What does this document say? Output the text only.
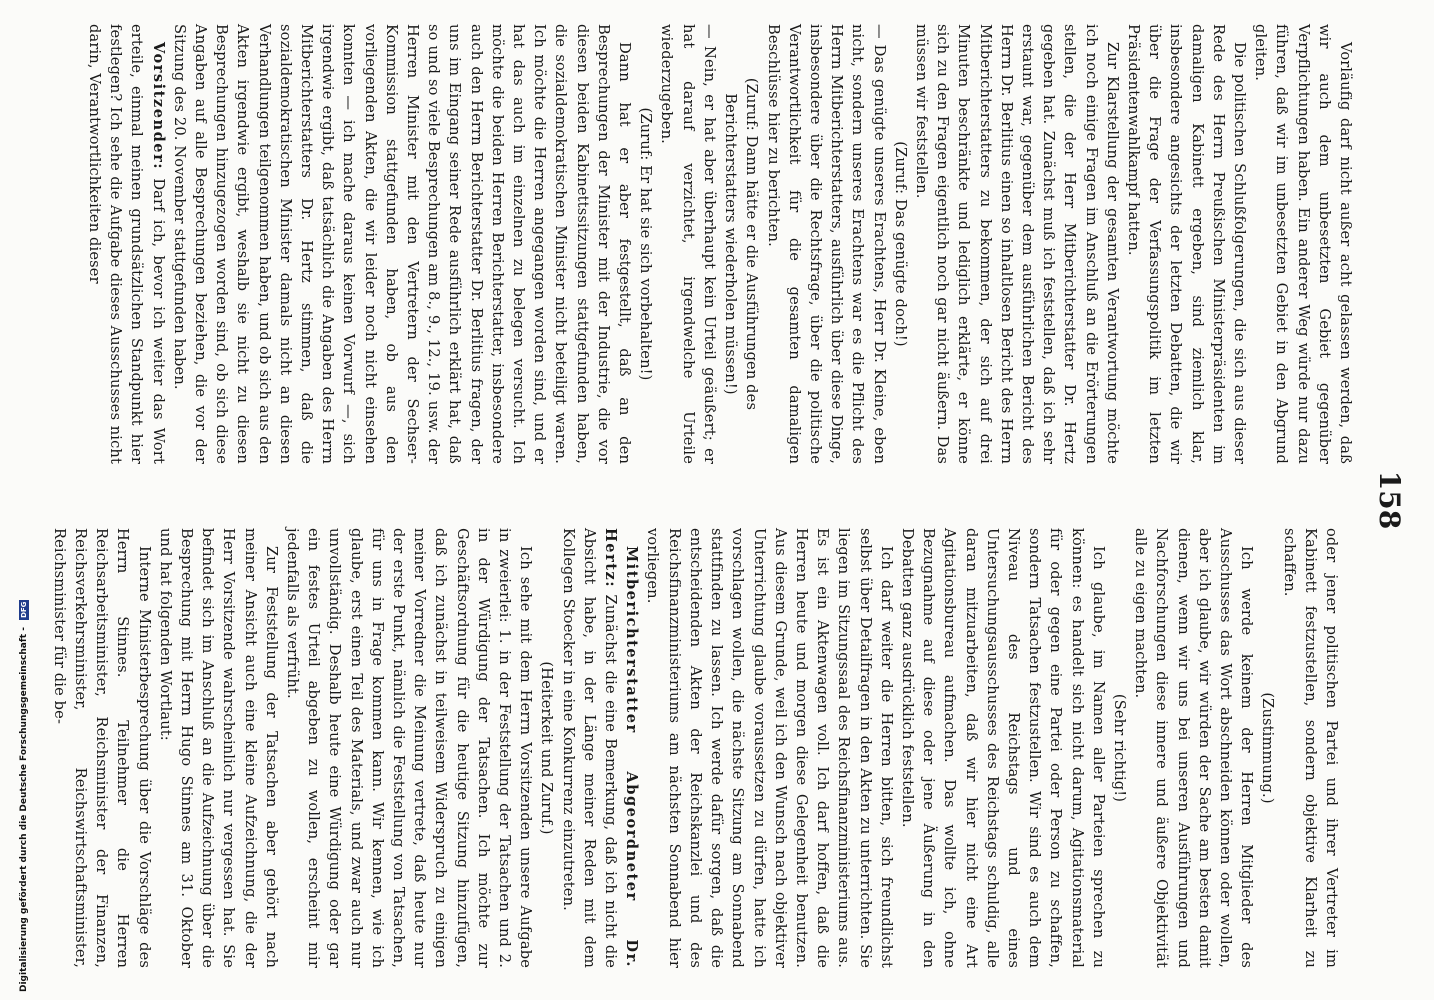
158

Vorläufig darf nicht außer acht gelassen werden, daß wir auch dem unbesetzten Gebiet gegenüber Verpflichtungen haben. Ein anderer Weg würde nur dazu führen, daß wir im unbesetzten Gebiet in den Abgrund gleiten.

Die politischen Schlußfolgerungen, die sich aus dieser Rede des Herrn Preußischen Ministerpräsidenten im damaligen Kabinett ergeben, sind ziemlich klar, insbesondere angesichts der letzten Debatten, die wir über die Frage der Verfassungspolitik im letzten Präsidentenwahlkampf hatten.

Zur Klarstellung der gesamten Verantwortung möchte ich noch einige Fragen im Anschluß an die Erörterungen stellen, die der Herr Mitberichterstatter Dr. Hertz gegeben hat. Zunächst muß ich feststellen, daß ich sehr erstaunt war, gegenüber dem ausführlichen Bericht des Herrn Dr. Berlitius einen so inhaltlosen Bericht des Herrn Mitberichterstatters zu bekommen, der sich auf drei Minuten beschränkte und lediglich erklärte, er könne sich zu den Fragen eigentlich noch gar nicht äußern. Das müssen wir feststellen.

(Zuruf: Das genügte doch!)

— Das genügte unseres Erachtens, Herr Dr. Kleine, eben nicht, sondern unseres Erachtens war es die Pflicht des Herrn Mitberichterstatters, ausführlich über diese Dinge, insbesondere über die Rechtsfrage, über die politische Verantwortlichkeit für die gesamten damaligen Beschlüsse hier zu berichten.

(Zuruf: Dann hätte er die Ausführungen des Berichterstatters wiederholen müssen!)

— Nein, er hat aber überhaupt kein Urteil geäußert; er hat darauf verzichtet, irgendwelche Urteile wiederzugeben.

(Zuruf: Er hat sie sich vorbehalten!)

Dann hat er aber festgestellt, daß an den Besprechungen der Minister mit der Industrie, die vor diesen beiden Kabinettssitzungen stattgefunden haben, die sozialdemokratischen Minister nicht beteiligt waren. Ich möchte die Herren angegangen worden sind, und er hat das auch im einzelnen zu belegen versucht. Ich möchte die beiden Herren Berichterstatter, insbesondere auch den Herrn Berichterstatter Dr. Berlitius fragen, der uns im Eingang seiner Rede ausführlich erklärt hat, daß so und so viele Besprechungen am 8., 9., 12., 19. usw. der Herren Minister mit den Vertretern der Sechser-Kommission stattgefunden haben, ob aus den vorliegenden Akten, die wir leider noch nicht einsehen konnten — ich mache daraus keinen Vorwurf —, sich irgendwie ergibt, daß tatsächlich die Angaben des Herrn Mitberichterstatters Dr. Hertz stimmen, daß die sozialdemokratischen Minister damals nicht an diesen Verhandlungen teilgenommen haben, und ob sich aus den Akten irgendwie ergibt, weshalb sie nicht zu diesen Besprechungen hinzugezogen worden sind, ob sich diese Angaben auf alle Besprechungen beziehen, die vor der Sitzung des 20. November stattgefunden haben.

Vorsitzender: Darf ich, bevor ich weiter das Wort erteile, einmal meinen grundsätzlichen Standpunkt hier festlegen? Ich sehe die Aufgabe dieses Ausschusses nicht darin, Verantwortlichkeiten dieser

oder jener politischen Partei und ihrer Vertreter im Kabinett festzustellen, sondern objektive Klarheit zu schaffen.

(Zustimmung.)

Ich werde keinem der Herren Mitglieder des Ausschusses das Wort abschneiden können oder wollen, aber ich glaube, wir würden der Sache am besten damit dienen, wenn wir uns bei unseren Ausführungen und Nachforschungen diese innere und äußere Objektivität alle zu eigen machten.

(Sehr richtig!)

Ich glaube, im Namen aller Parteien sprechen zu können: es handelt sich nicht darum, Agitationsmaterial für oder gegen eine Partei oder Person zu schaffen, sondern Tatsachen festzustellen. Wir sind es auch dem Niveau des Reichstags und eines Untersuchungsausschusses des Reichstags schuldig, alle daran mitzuarbeiten, daß wir hier nicht eine Art Agitationsbureau aufmachen. Das wollte ich, ohne Bezugnahme auf diese oder jene Äußerung in den Debatten ganz ausdrücklich feststellen.

Ich darf weiter die Herren bitten, sich freundlichst selbst über Detailfragen in den Akten zu unterrichten. Sie liegen im Sitzungssaal des Reichsfinanzministeriums aus. Es ist ein Aktenwagen voll. Ich darf hoffen, daß die Herren heute und morgen diese Gelegenheit benutzen. Aus diesem Grunde, weil ich den Wunsch nach objektiver Unterrichtung glaube voraussetzen zu dürfen, hatte ich vorschlagen wollen, die nächste Sitzung am Sonnabend stattfinden zu lassen. Ich werde dafür sorgen, daß die entscheidenden Akten der Reichskanzlei und des Reichsfinanzministeriums am nächsten Sonnabend hier vorliegen.

Mitberichterstatter Abgeordneter Dr. Hertz: Zunächst die eine Bemerkung, daß ich nicht die Absicht habe, in der Länge meiner Reden mit dem Kollegen Stoecker in eine Konkurrenz einzutreten.

(Heiterkeit und Zuruf.)

Ich sehe mit dem Herrn Vorsitzenden unsere Aufgabe in zweierlei: 1. in der Feststellung der Tatsachen und 2. in der Würdigung der Tatsachen. Ich möchte zur Geschäftsordnung für die heutige Sitzung hinzufügen, daß ich zunächst in teilweisem Widerspruch zu einigen meiner Vorredner die Meinung vertrete, daß heute nur der erste Punkt, nämlich die Feststellung von Tatsachen, für uns in Frage kommen kann. Wir kennen, wie ich glaube, erst einen Teil des Materials, und zwar auch nur unvollständig. Deshalb heute eine Würdigung oder gar ein festes Urteil abgeben zu wollen, erscheint mir jedenfalls als verfrüht.

Zur Feststellung der Tatsachen aber gehört nach meiner Ansicht auch eine kleine Aufzeichnung, die der Herr Vorsitzende wahrscheinlich nur vergessen hat. Sie befindet sich im Anschluß an die Aufzeichnung über die Besprechung mit Herrn Hugo Stinnes am 31. Oktober und hat folgenden Wortlaut:

Interne Ministerbesprechung über die Vorschläge des Herrn Stinnes. Teilnehmer die Herren Reichsarbeitsminister, Reichsminister der Finanzen, Reichsverkehrsminister, Reichswirtschaftsminister, Reichsminister für die be-

Digitalisierung gefördert durch die Deutsche Forschungsgemeinschaft - DFG
